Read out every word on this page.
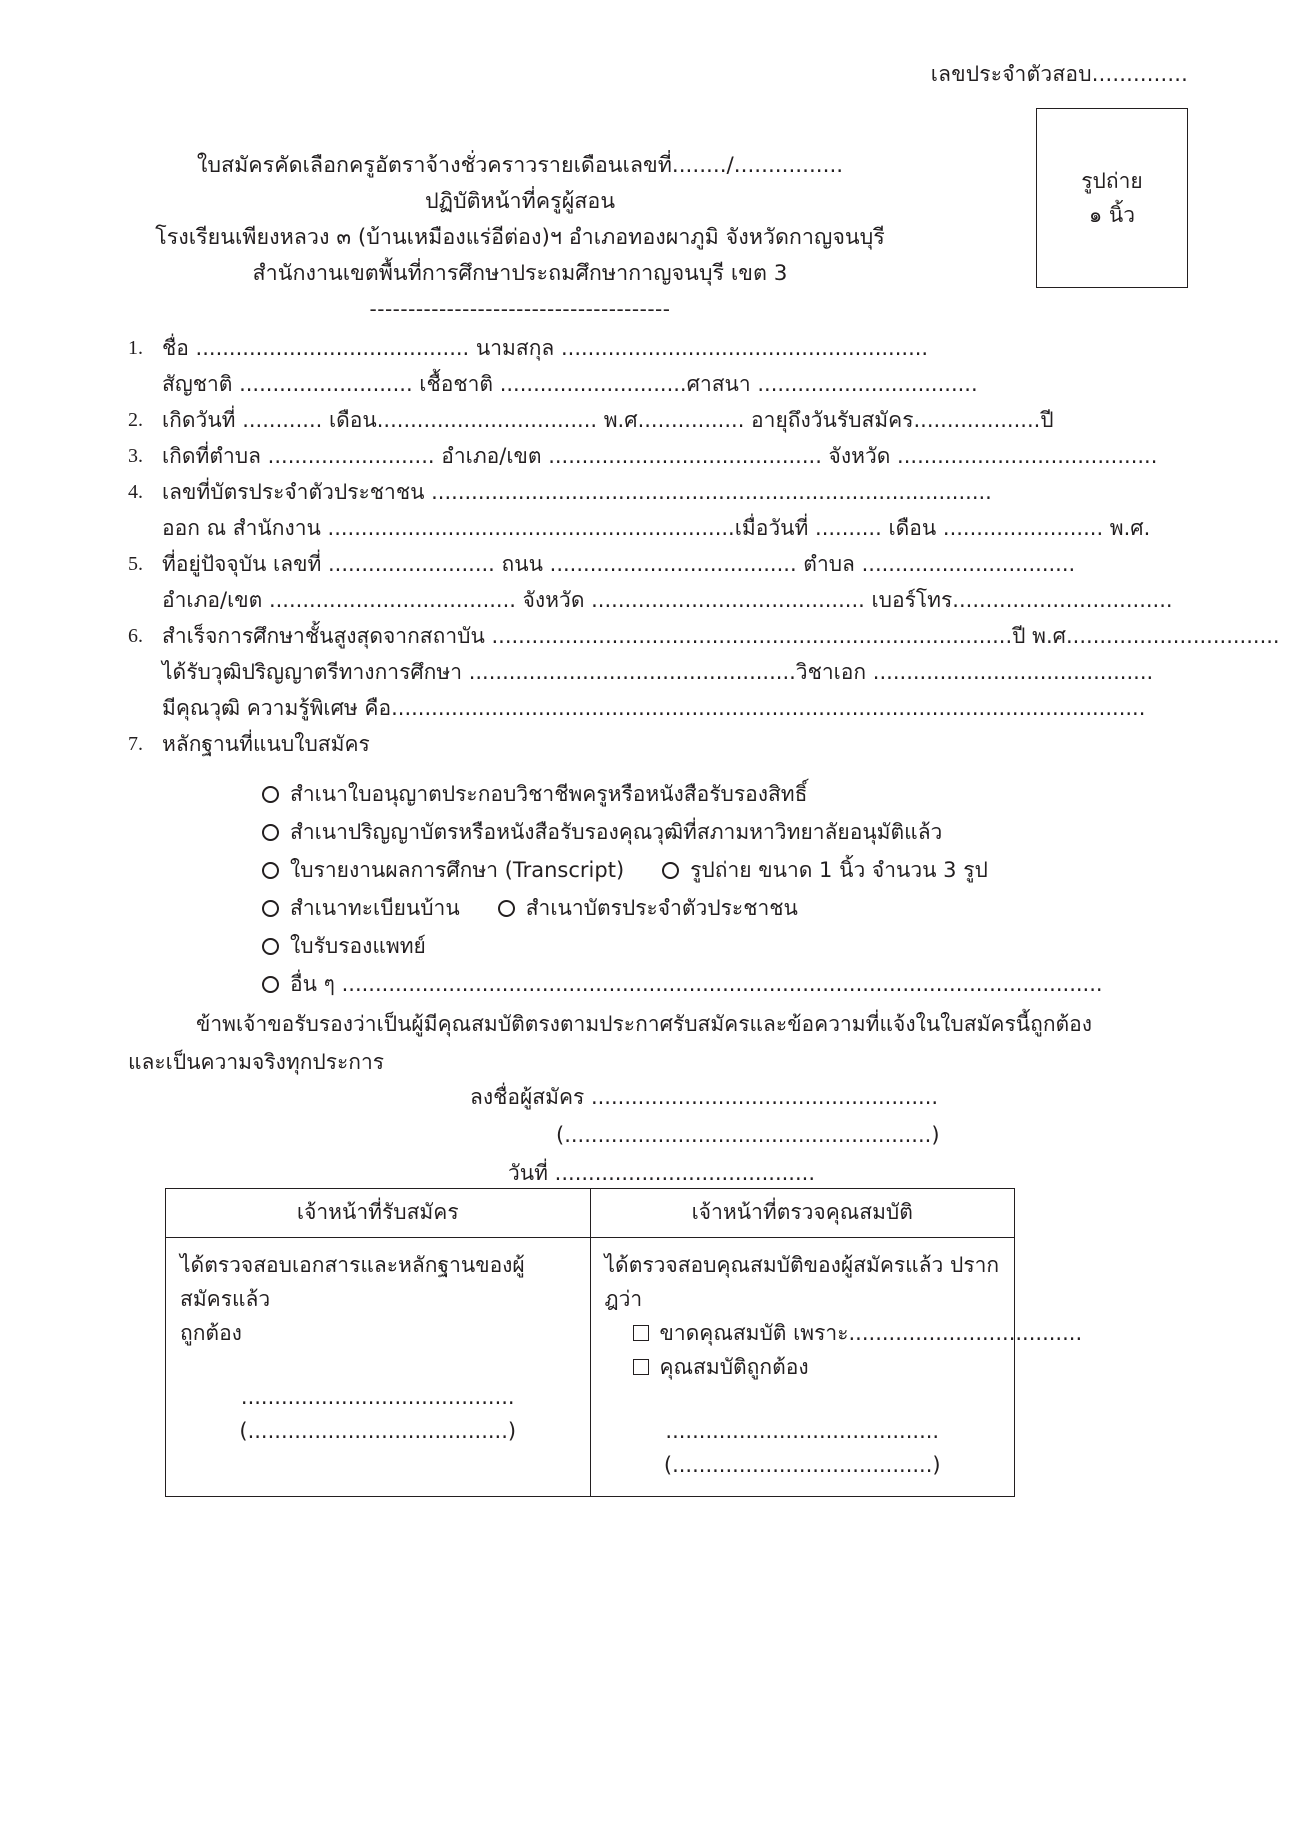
เลขประจำตัวสอบ..............
รูปถ่าย
๑ นิ้ว
ใบสมัครคัดเลือกครูอัตราจ้างชั่วคราวรายเดือนเลขที่......../................
ปฏิบัติหน้าที่ครูผู้สอน
โรงเรียนเพียงหลวง ๓ (บ้านเหมืองแร่อีต่อง)ฯ อำเภอทองผาภูมิ จังหวัดกาญจนบุรี
สำนักงานเขตพื้นที่การศึกษาประถมศึกษากาญจนบุรี เขต 3
---------------------------------------
1. ชื่อ ......................................... นามสกุล .......................................................
สัญชาติ .......................... เชื้อชาติ ............................ศาสนา .................................
2. เกิดวันที่ ............ เดือน................................. พ.ศ................ อายุถึงวันรับสมัคร...................ปี
3. เกิดที่ตำบล ......................... อำเภอ/เขต ......................................... จังหวัด .......................................
4. เลขที่บัตรประจำตัวประชาชน ....................................................................................
ออก ณ สำนักงาน .............................................................เมื่อวันที่ .......... เดือน ........................ พ.ศ.
5. ที่อยู่ปัจจุบัน เลขที่ ......................... ถนน ..................................... ตำบล ................................
อำเภอ/เขต ..................................... จังหวัด ......................................... เบอร์โทร.................................
6. สำเร็จการศึกษาชั้นสูงสุดจากสถาบัน ..............................................................................ปี พ.ศ................................
ได้รับวุฒิปริญญาตรีทางการศึกษา .................................................วิชาเอก ..........................................
มีคุณวุฒิ ความรู้พิเศษ คือ.................................................................................................................
7. หลักฐานที่แนบใบสมัคร
สำเนาใบอนุญาตประกอบวิชาชีพครูหรือหนังสือรับรองสิทธิ์
สำเนาปริญญาบัตรหรือหนังสือรับรองคุณวุฒิที่สภามหาวิทยาลัยอนุมัติแล้ว
ใบรายงานผลการศึกษา (Transcript)	รูปถ่าย ขนาด 1 นิ้ว จำนวน 3 รูป
สำเนาทะเบียนบ้าน	สำเนาบัตรประจำตัวประชาชน
ใบรับรองแพทย์
อื่น ๆ ..................................................................................................................
ข้าพเจ้าขอรับรองว่าเป็นผู้มีคุณสมบัติตรงตามประกาศรับสมัครและข้อความที่แจ้งในใบสมัครนี้ถูกต้อง
และเป็นความจริงทุกประการ
ลงชื่อผู้สมัคร ....................................................
(.......................................................)
วันที่ .......................................
เจ้าหน้าที่รับสมัคร	เจ้าหน้าที่ตรวจคุณสมบัติ

ได้ตรวจสอบเอกสารและหลักฐานของผู้สมัครแล้ว
ถูกต้อง
.........................................
(.......................................)

ได้ตรวจสอบคุณสมบัติของผู้สมัครแล้ว ปรากฎว่า
ขาดคุณสมบัติ เพราะ...................................
คุณสมบัติถูกต้อง
.........................................
(.......................................)
